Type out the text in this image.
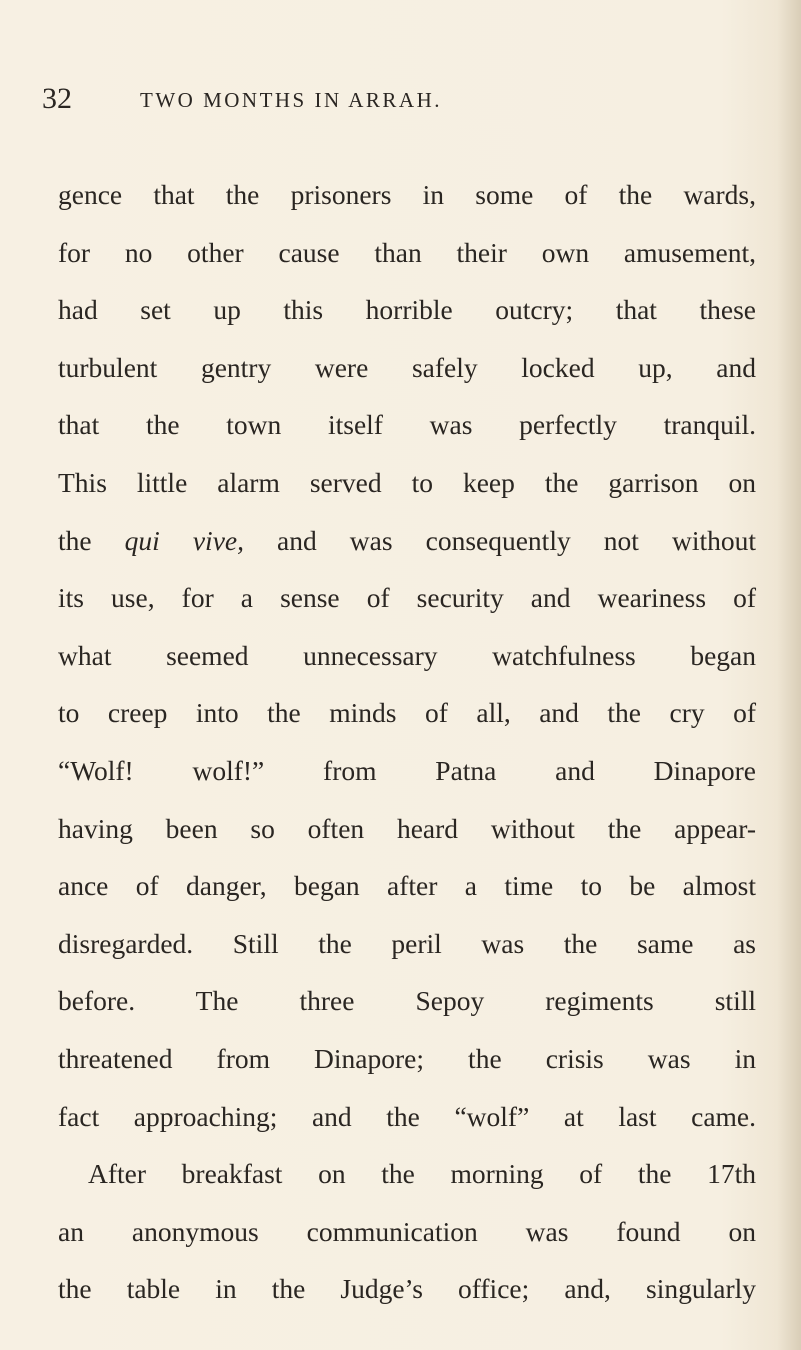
32	TWO MONTHS IN ARRAH.
gence that the prisoners in some of the wards,
for no other cause than their own amusement,
had set up this horrible outcry; that these
turbulent gentry were safely locked up, and
that the town itself was perfectly tranquil.
This little alarm served to keep the garrison on
the qui vive, and was consequently not without
its use, for a sense of security and weariness of
what seemed unnecessary watchfulness began
to creep into the minds of all, and the cry of
“Wolf! wolf!” from Patna and Dinapore
having been so often heard without the appear-
ance of danger, began after a time to be almost
disregarded. Still the peril was the same as
before. The three Sepoy regiments still
threatened from Dinapore; the crisis was in
fact approaching; and the “wolf” at last came.
After breakfast on the morning of the 17th
an anonymous communication was found on
the table in the Judge’s office; and, singularly
